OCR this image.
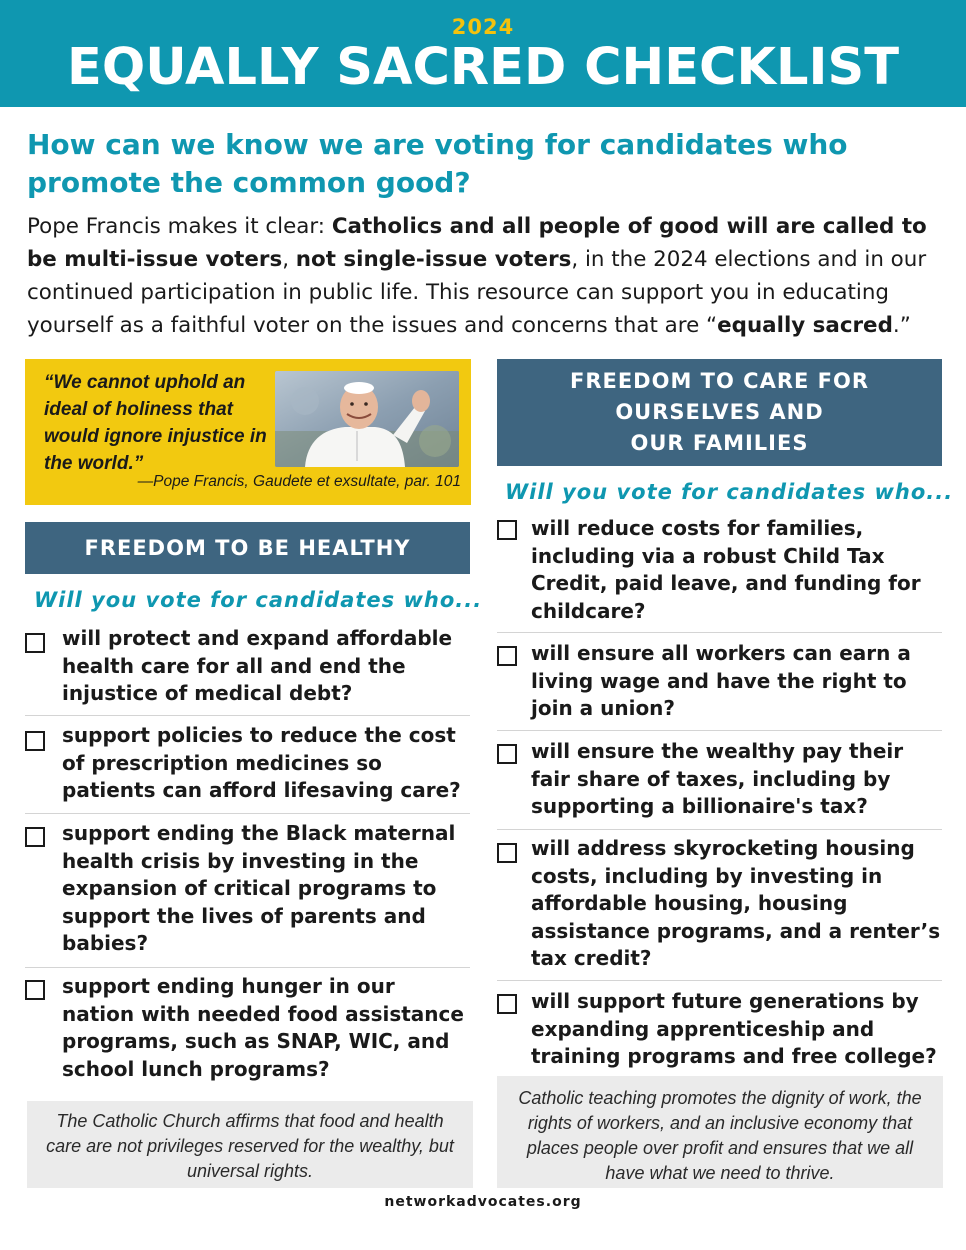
2024
EQUALLY SACRED CHECKLIST
How can we know we are voting for candidates who promote the common good?
Pope Francis makes it clear: Catholics and all people of good will are called to be multi-issue voters, not single-issue voters, in the 2024 elections and in our continued participation in public life. This resource can support you in educating yourself as a faithful voter on the issues and concerns that are “equally sacred.”
“We cannot uphold an ideal of holiness that would ignore injustice in the world.”
—Pope Francis, Gaudete et exsultate, par. 101
FREEDOM TO BE HEALTHY
Will you vote for candidates who...
will protect and expand affordable health care for all and end the injustice of medical debt?
support policies to reduce the cost of prescription medicines so patients can afford lifesaving care?
support ending the Black maternal health crisis by investing in the expansion of critical programs to support the lives of parents and babies?
support ending hunger in our nation with needed food assistance programs, such as SNAP, WIC, and school lunch programs?
The Catholic Church affirms that food and health care are not privileges reserved for the wealthy, but universal rights.
FREEDOM TO CARE FOR
OURSELVES AND
OUR FAMILIES
Will you vote for candidates who...
will reduce costs for families, including via a robust Child Tax Credit, paid leave, and funding for childcare?
will ensure all workers can earn a living wage and have the right to join a union?
will ensure the wealthy pay their fair share of taxes, including by supporting a billionaire's tax?
will address skyrocketing housing costs, including by investing in affordable housing, housing assistance programs, and a renter’s tax credit?
will support future generations by expanding apprenticeship and training programs and free college?
Catholic teaching promotes the dignity of work, the rights of workers, and an inclusive economy that places people over profit and ensures that we all have what we need to thrive.
networkadvocates.org
